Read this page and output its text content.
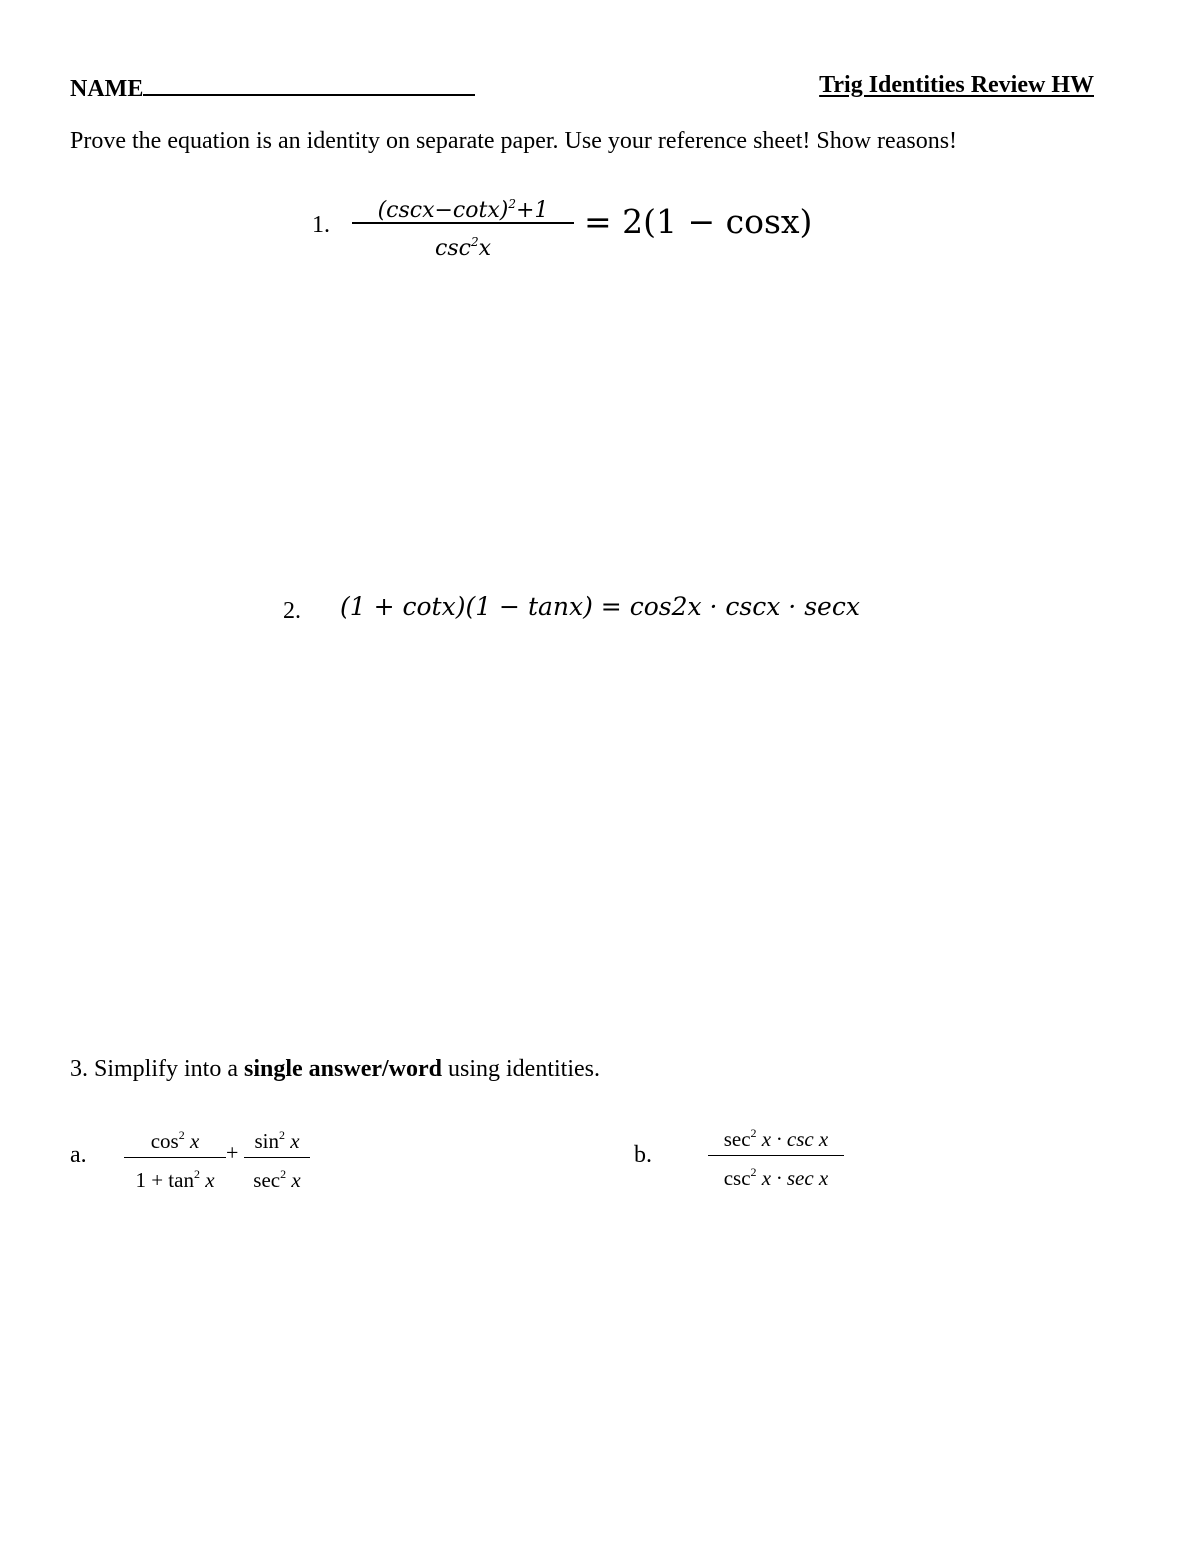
NAME	Trig Identities Review HW
Prove the equation is an identity on separate paper. Use your reference sheet! Show reasons!
1.
$(\csc x-\cot x)^2+1$
$\csc^2x$
= 2(1 − cosx)
2. (1 + cotx)(1 − tanx) = cos2x · cscx · secx
3. Simplify into a single answer/word using identities.
a.
$\cos^2 x$
$1 + \tan^2 x$
+ $\sin^2 x$
$\sec^2 x$
b.
$\sec^2 x \cdot \csc x$
$\csc^2 x \cdot \sec x$
